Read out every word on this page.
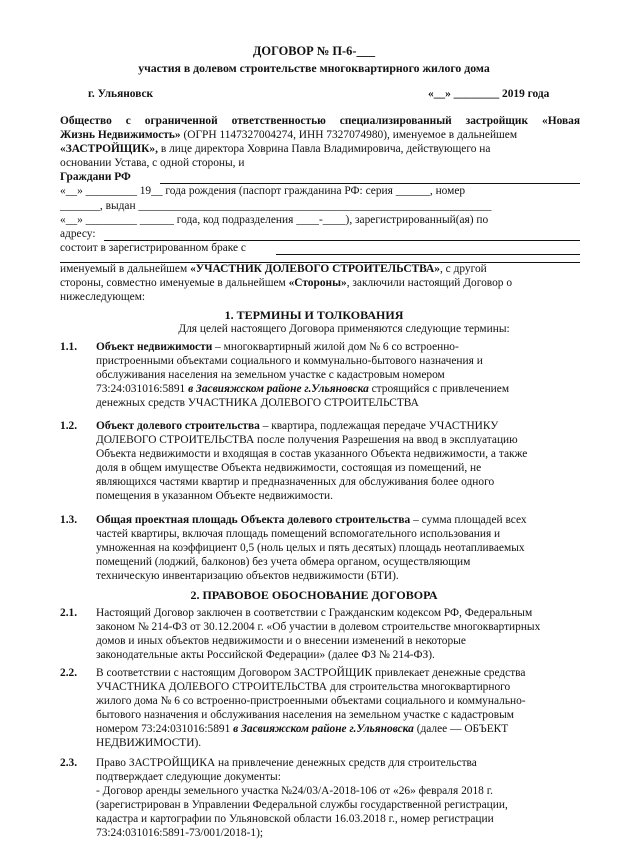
ДОГОВОР № П-6-___
участия в долевом строительстве многоквартирного жилого дома
г. Ульяновск	«__» ________ 2019 года
Общество с ограниченной ответственностью специализированный застройщик «Новая
Жизнь Недвижимость» (ОГРН 1147327004274, ИНН 7327074980), именуемое в дальнейшем
«ЗАСТРОЙЩИК», в лице директора Ховрина Павла Владимировича, действующего на
основании Устава, с одной стороны, и
Граждани РФ
«__» _________ 19__ года рождения (паспорт гражданина РФ: серия ______, номер
_______, выдан ______________________________________________________________
«__» _________ ______ года, код подразделения ____-____), зарегистрированный(ая) по
адресу:
состоит в зарегистрированном браке с
именуемый в дальнейшем «УЧАСТНИК ДОЛЕВОГО СТРОИТЕЛЬСТВА», с другой
стороны, совместно именуемые в дальнейшем «Стороны», заключили настоящий Договор о
нижеследующем:
1. ТЕРМИНЫ И ТОЛКОВАНИЯ
Для целей настоящего Договора применяются следующие термины:
1.1. Объект недвижимости – многоквартирный жилой дом № 6 со встроенно-
пристроенными объектами социального и коммунально-бытового назначения и
обслуживания населения на земельном участке с кадастровым номером
73:24:031016:5891 в Засвияжском районе г.Ульяновска строящийся с привлечением
денежных средств УЧАСТНИКА ДОЛЕВОГО СТРОИТЕЛЬСТВА
1.2. Объект долевого строительства – квартира, подлежащая передаче УЧАСТНИКУ
ДОЛЕВОГО СТРОИТЕЛЬСТВА после получения Разрешения на ввод в эксплуатацию
Объекта недвижимости и входящая в состав указанного Объекта недвижимости, а также
доля в общем имуществе Объекта недвижимости, состоящая из помещений, не
являющихся частями квартир и предназначенных для обслуживания более одного
помещения в указанном Объекте недвижимости.
1.3. Общая проектная площадь Объекта долевого строительства – сумма площадей всех
частей квартиры, включая площадь помещений вспомогательного использования и
умноженная на коэффициент 0,5 (ноль целых и пять десятых) площадь неотапливаемых
помещений (лоджий, балконов) без учета обмера органом, осуществляющим
техническую инвентаризацию объектов недвижимости (БТИ).
2. ПРАВОВОЕ ОБОСНОВАНИЕ ДОГОВОРА
2.1. Настоящий Договор заключен в соответствии с Гражданским кодексом РФ, Федеральным
законом № 214-ФЗ от 30.12.2004 г. «Об участии в долевом строительстве многоквартирных
домов и иных объектов недвижимости и о внесении изменений в некоторые
законодательные акты Российской Федерации» (далее ФЗ № 214-ФЗ).
2.2. В соответствии с настоящим Договором ЗАСТРОЙЩИК привлекает денежные средства
УЧАСТНИКА ДОЛЕВОГО СТРОИТЕЛЬСТВА для строительства многоквартирного
жилого дома № 6 со встроенно-пристроенными объектами социального и коммунально-
бытового назначения и обслуживания населения на земельном участке с кадастровым
номером 73:24:031016:5891 в Засвияжском районе г.Ульяновска (далее — ОБЪЕКТ
НЕДВИЖИМОСТИ).
2.3. Право ЗАСТРОЙЩИКА на привлечение денежных средств для строительства
подтверждает следующие документы:
- Договор аренды земельного участка №24/03/А-2018-106 от «26» февраля 2018 г.
(зарегистрирован в Управлении Федеральной службы государственной регистрации,
кадастра и картографии по Ульяновской области 16.03.2018 г., номер регистрации
73:24:031016:5891-73/001/2018-1);
